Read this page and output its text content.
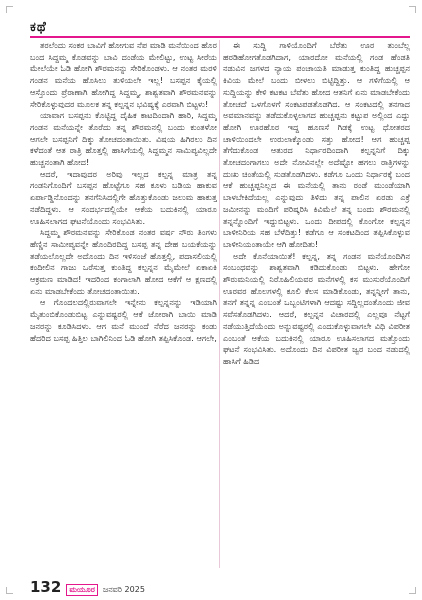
ಕಥೆ

ತರಲೆಂದು ಸಂಕರ ಬಾವಿಗೆ ಹೋಗುವ ನೆಪ ಮಾಡಿ ಮನೆಯಿಂದ ಹೊರ ಬಂದ ಸಿದ್ದಮ್ಮ ಕೊಡವನ್ನು ಬಾವಿ ದಂಡೆಯ ಮೇಲಿಟ್ಟು, ಉಟ್ಟ ಸೀರೆಯ ಮೇಲೆಯೇ ಓಡಿ ಹೋಗಿ ಶೌರಮನನ್ನು ಸೇರಿಕೊಂಡಳು. ಆ ನಂತರ ಮರಳಿ ಗಂಡನ ಮನೆಯ ಹೊಸಿಲು ತುಳಿಯಲೇ ಇಲ್ಲ! ಬಸಪ್ಪನ ಕೈಯಲ್ಲಿ ಆಸ್ತೊಂದು ಪ್ರೆರಾಣಾಗಿ ಹೋಗಿದ್ದ ಸಿದ್ದಮ್ಮ, ಶಾಶ್ವತವಾಗಿ ಶೌರಮನವನ್ನು ಸೇರಿಕೊಳ್ಳುವುದರ ಮೂಲಕ ತನ್ನ ಕಲ್ಪನ್ನನ ಭವಿಷ್ಯಕ್ಕೆ ಎರವಾಗಿ ಬಿಟ್ಟಳು!

ಯಾವಾಗ ಬಸಪ್ಪನು ಕೊಟ್ಟಿದ್ದ ದೈಹಿಕ ಕಾಟದಿಂದಾಗಿ ಹಾರಿ, ಸಿದ್ದಮ್ಮ ಗಂಡನ ಮನೆಯನ್ನೇ ತೊರೆದು ತನ್ನ ಶೌರಮನಲ್ಲಿ ಬಂದು ಕುಂತಳೋ ಆಗಲೇ ಬಸಪ್ಪನಿಗೆ ದಿಕ್ಕು ತೋಚದಂತಾಯಿತು. ವಿಷಯ ಹಿಗಿರಲು ದಿನ ಕಳೆದಂತೆ ಆತ ರಾತ್ರಿ ಹೊತ್ತಲ್ಲಿ ಹಾಸಿಗೆಯಲ್ಲಿ ಸಿದ್ದಮ್ಮನ ಸಾಮಿಪ್ಯವಿಲ್ಲದೇ ಹುಚ್ಚನಂತಾಗಿ ಹೋದ!

ಆದರೆ, ಇದಾವುದರ ಅರಿವು ಇಲ್ಲದ ಕಲ್ಪನ್ನ ಮಾತ್ರ ತನ್ನ ಗಂಡನಿಗೊಂದಿಗೆ ಬಸಪ್ಪನ ಹೊಟ್ಟೆಗೂ ಸಹ ಕೂಳು ಬಡಿಯ ಹಾಕುವ ಏರ್ಪಾಡ್ಡಿನೊಂದನ್ನು ತನಗೆನಿಸಿದಲ್ಲಿಗೇ ಹೊತ್ತುಕೊಂಡು ಜಲುಮ ಹಾಕುತ್ತ ನಡೆದಿದ್ದಳು. ಆ ಸಂದರ್ಭದಲ್ಲಿಯೇ ಆಕೆಯ ಬದುಕಿನಲ್ಲಿ ಯಾರೂ ಊಹಿಸಲಾಗದ ಘಟನೆಯೊಂದು ಸಂಭವಿಸಿತು.

ಸಿದ್ದಮ್ಮ ಶೌರಮನವನ್ನು ಸೇರಿಕೊಂಡ ನಂತರ ವರ್ಷ ನೌರು ತಿಂಗಳು ಹೆಣ್ಣಿನ ಸಾಮೀಪ್ಯವನ್ನೇ ಹೊಂದಿರದಿದ್ದ ಬಸಪ್ಪ ತನ್ನ ದೇಹ ಬಯಕೆಯನ್ನು ತಡೆಯಲೊಲ್ಲದೇ ಅದೊಂದು ದಿನ ಇಳಿಸಂಜೆ ಹೊತ್ತಲ್ಲಿ, ಪದಾಸಲಿಯಲ್ಲಿ ಕಂದೀಲಿನ ಗಾಜು ಒರೆಸುತ್ತ ಕುಂತಿದ್ದ ಕಲ್ಪನ್ನನ ಮೈಮೇಲೆ ಏಕಾಏಕಿ ಆಕ್ರಮಣ ಮಾಡಿದ! ಇದರಿಂದ ಕಂಗಾಲಾಗಿ ಹೋದ ಆಕೆಗೆ ಆ ಕ್ಷಣದಲ್ಲಿ ಏನು ಮಾಡಬೇಕೆಂದು ತೋಚದಂತಾಯಿತು.

ಆ ಗೊಂದಲದಲ್ಲಿರುವಾಗಲೇ ಇನ್ನೇನು ಕಲ್ಪನ್ನನನ್ನು ಇಡಿಯಾಗಿ ಮೈತುಂಬಿಕೊಂಡುಬಿಟ್ಟ ಎನ್ನುವಷ್ಟರಲ್ಲಿ ಆಕೆ ಜೋರಾಗಿ ಬಾಯಿ ಮಾಡಿ ಜನರನ್ನು ಕೂಡಿಸಿದಳು. ಆಗ ಮನೆ ಮುಂದೆ ನೆರೆದ ಜನರನ್ನು ಕಂಡು ಹೆದರಿದ ಬಸಪ್ಪ ಹಿತ್ತಿಲ ಬಾಗಿಲಿನಿಂದ ಓಡಿ ಹೋಗಿ ತಪ್ಪಿಸಿಕೊಂಡ. ಆಗಲೇ,

ಈ ಸುದ್ದಿ ಗಾಳಿಯೊಂದಿಗೆ ಬೆರೆತು ಊರ ತುಂಬೆಲ್ಲ ಹರಡಿಹೋಗತೊಡಗಿದಾಗ, ಯಾರದೋ ಮನೆಯಲ್ಲಿ ಗಂಡ ಹೆಂಡತಿ ನಡುವಿನ ಜಗಳದ ನ್ಯಾಯ ಪಂಚಾಯತಿ ಮಾಡುತ್ತ ಕುಂತಿದ್ದ ಹುಚ್ಚಪ್ಪನ ಕಿವಿಯ ಮೇಲೆ ಬಂದು ಬೀಳಲು ಬಿಟ್ಟಿದ್ದಿತ್ತು. ಆ ಗಳಿಗೆಯಲ್ಲಿ ಆ ಸುದ್ದಿಯನ್ನು ಕೇಳಿ ಕಟಕಟ ಬೆವೆತು ಹೋದ ಆತನಿಗೆ ಏನು ಮಾಡಬೇಕೆಂದು ತೋಚದೆ ಒಳಗೊಳಗೆ ಸಂಕಟಪಡತೊಡಗಿದ. ಆ ಸಂಕಟದಲ್ಲಿ ತನಗಾದ ಅವಮಾನವನ್ನು ತಡೆದುಕೊಳ್ಳಲಾಗದ ಹುಚ್ಚಪ್ಪನು ಕಟ್ಟುಪ ಅಲ್ಲಿಂದ ಎದ್ದು ಹೋಗಿ ಊರಹೊರ ಇದ್ದ ಹೂಣಸೆ ಗಿಡಕ್ಕೆ ಉಟ್ಟ ಧೋತರದ ಚಾಳಿಯಿಂದಲೇ ಉರುಲಾಕ್ಕೊಂಡು ಸತ್ತು ಹೋದ! ಆಗ ಹುಚ್ಚಪ್ಪ ತೆಗೆದುಕೊಂಡ ಆತುರದ ನಿರ್ಧಾರದಿಂದಾಗಿ ಕಲ್ಪನ್ನನಿಗೆ ದಿಕ್ಕು ತೋಚದಂಗಾಗಲು ಅದೇ ನೋವಿನಲ್ಲೇ ಅದೆಷ್ಟೋ ಹಗಲು ರಾತ್ರಿಗಳನ್ನು ದುಃಖ ಚಿಂತೆಯಲ್ಲಿ ಸುಡತೊಡಗಿದಳು. ಕಡೆಗೂ ಒಂದು ನಿರ್ಧಾರಕ್ಕೆ ಬಂದ ಆಕೆ ಹುಚ್ಚಪ್ಪನಿಲ್ಲದ ಈ ಮನೆಯಲ್ಲಿ ತಾನು ರಂಡೆ ಮುಂಡೆಯಾಗಿ ಬಾಳಬೇಕಿದೆಯಲ್ಲ ಎನ್ನುವುದು ತಿಳಿದು ತನ್ನ ಪಾಲಿನ ಏರಡು ಎಕ್ರೆ ಜಮೀನನ್ನು ಮಂದಿಗೆ ಪರಿಷ್ಕರಿಸಿ ಕಿವಿಮೆಲೆ ತನ್ನ ಬಂದು ಶೌರಮನಲ್ಲಿ ತನ್ನನ್ನೊಂದಿಗೆ ಇದ್ದುಬಿಟ್ಟಳು. ಒಂದು ದೀಪದಲ್ಲಿ ಕೊಂಗೋ ಕಲ್ಪನ್ನನ ಬಾಳೀನಿರಿಯ ಸಹ ಬೆಳೆದಿತ್ತು! ಕಡೆಗೂ ಆ ಸಂಕಟದಿಂದ ತಪ್ಪಿಸಿಕೊಳ್ಳುವ ಬಾಳೀನಿಯಂತಾಯೇ ಆಗಿ ಹೋದಿತು!

ಅದೇ ಕೊನೆಯಾಯಿತೆ! ಕಲ್ಪನ್ನ, ತನ್ನ ಗಂಡನ ಮನೆಯೊಂದಿಗಿನ ಸಂಬಂಧವನ್ನು ಶಾಶ್ವತವಾಗಿ ಕಡಿದುಕೊಂಡು ಬಿಟ್ಟಳು. ಹೇಗೋ ಶೌರುಮನಿಯಲ್ಲಿ ನಿರೊಹಿಲಿಯವರ ಮನೆಗಳಲ್ಲಿ ಕಸ ಮುಸುರೆಯೊಂದಿಗೆ ಊರವರ ಹೊಲಗಳಲ್ಲಿ ಕೂಲಿ ಕೆಲಸ ಮಾಡಿಕೊಂಡು, ತನ್ನನ್ನೀಗೆ ತಾನು, ತನಗೆ ತನ್ನನ್ನ ಎಂಬಂತೆ ಒಬ್ಬಂಟಿಗಳಾಗಿ ಆದಷ್ಟು ಸದ್ದಿಲ್ಲದಂತೊಂದು ಜೀವ ಸವೆಸತೊಡಗಿದಳು. ಆದರೆ, ಕಲ್ಪನ್ನನ ವಿಚಾರದಲ್ಲಿ ಎಲ್ಲವೂ ನೆಟ್ಟಗೆ ನಡೆಯುತ್ತಿದೆಯೆಂದು ಅನ್ನುವಷ್ಟರಲ್ಲಿ ಎಂದುಕೊಳ್ಳುವಾಗಲೇ ವಿಧಿ ವಿಪರೀತ ಎಂಬಂತೆ ಆಕೆಯ ಬದುಕಿನಲ್ಲಿ ಯಾರೂ ಊಹಿಸಲಾಗದ ಮತ್ತೊಂದು ಘಟನೆ ಸಂಭವಿಸಿತು. ಅದೊಂದು ದಿನ ವಿಪರೀತ ಜ್ವರ ಬಂದ ನಡುದಲ್ಲಿ ಹಾಸಿಗೆ ಹಿಡಿದ

132	ಮಯೂರ	ಜನವರಿ 2025
